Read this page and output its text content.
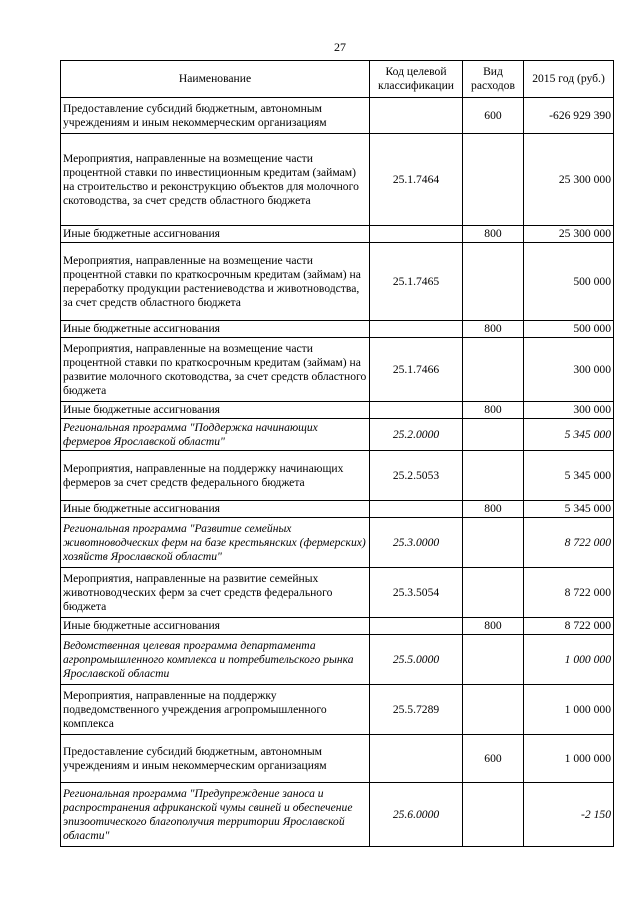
27
Наименование	Код целевой классификации	Вид расходов	2015 год (руб.)
Предоставление субсидий бюджетным, автономным учреждениям и иным некоммерческим организациям		600	-626 929 390
Мероприятия, направленные на возмещение части процентной ставки по инвестиционным кредитам (займам) на строительство и реконструкцию объектов для молочного скотоводства, за счет средств областного бюджета	25.1.7464		25 300 000
Иные бюджетные ассигнования		800	25 300 000
Мероприятия, направленные на возмещение части процентной ставки по краткосрочным кредитам (займам) на переработку продукции растениеводства и животноводства, за счет средств областного бюджета	25.1.7465		500 000
Иные бюджетные ассигнования		800	500 000
Мероприятия, направленные на возмещение части процентной ставки по краткосрочным кредитам (займам) на развитие молочного скотоводства, за счет средств областного бюджета	25.1.7466		300 000
Иные бюджетные ассигнования		800	300 000
Региональная программа "Поддержка начинающих фермеров Ярославской области"	25.2.0000		5 345 000
Мероприятия, направленные на поддержку начинающих фермеров за счет средств федерального бюджета	25.2.5053		5 345 000
Иные бюджетные ассигнования		800	5 345 000
Региональная программа "Развитие семейных животноводческих ферм на базе крестьянских (фермерских) хозяйств Ярославской области"	25.3.0000		8 722 000
Мероприятия, направленные на развитие семейных животноводческих ферм за счет средств федерального бюджета	25.3.5054		8 722 000
Иные бюджетные ассигнования		800	8 722 000
Ведомственная целевая программа департамента агропромышленного комплекса и потребительского рынка Ярославской области	25.5.0000		1 000 000
Мероприятия, направленные на поддержку подведомственного учреждения агропромышленного комплекса	25.5.7289		1 000 000
Предоставление субсидий бюджетным, автономным учреждениям и иным некоммерческим организациям		600	1 000 000
Региональная программа "Предупреждение заноса и распространения африканской чумы свиней и обеспечение эпизоотического благополучия территории Ярославской области"	25.6.0000		-2 150
